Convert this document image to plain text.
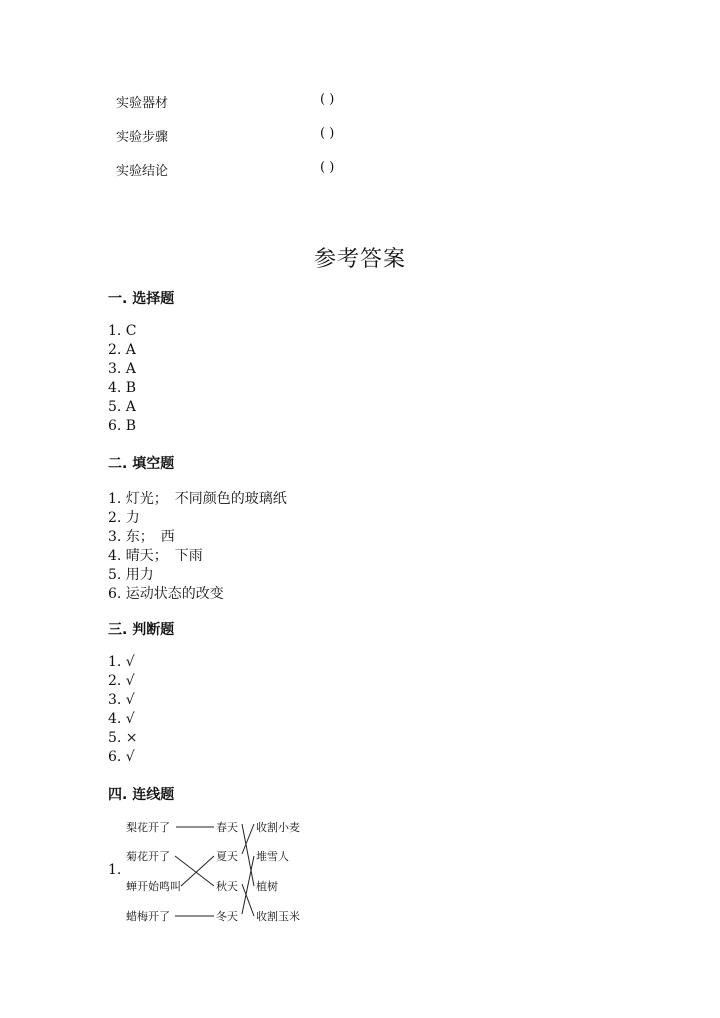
实验器材	( )
实验步骤	( )
实验结论	( )
参考答案
一. 选择题
1. C
2. A
3. A
4. B
5. A
6. B
二. 填空题
1. 灯光；　不同颜色的玻璃纸
2. 力
3. 东；　西
4. 晴天；　下雨
5. 用力
6. 运动状态的改变
三. 判断题
1. √
2. √
3. √
4. √
5. ×
6. √
四. 连线题
1.
梨花开了
菊花开了
蝉开始鸣叫
蜡梅开了
春天
夏天
秋天
冬天
收割小麦
堆雪人
植树
收割玉米
